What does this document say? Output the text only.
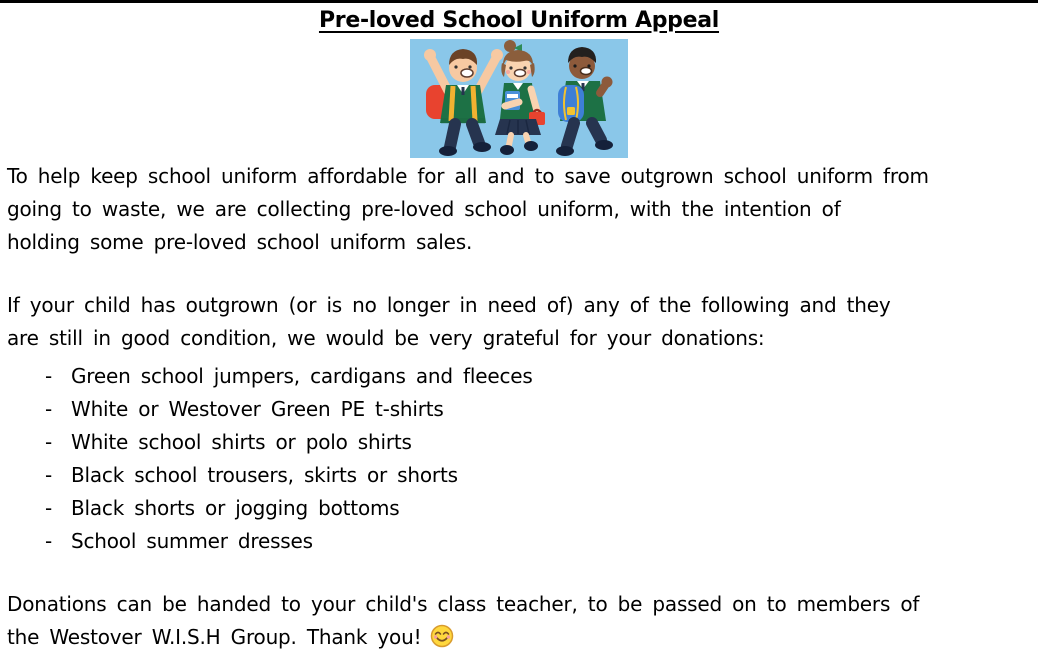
Pre-loved School Uniform Appeal
To help keep school uniform affordable for all and to save outgrown school uniform from
going to waste, we are collecting pre-loved school uniform, with the intention of
holding some pre-loved school uniform sales.
If your child has outgrown (or is no longer in need of) any of the following and they
are still in good condition, we would be very grateful for your donations:
- Green school jumpers, cardigans and fleeces
- White or Westover Green PE t-shirts
- White school shirts or polo shirts
- Black school trousers, skirts or shorts
- Black shorts or jogging bottoms
- School summer dresses
Donations can be handed to your child's class teacher, to be passed on to members of
the Westover W.I.S.H Group. Thank you!
